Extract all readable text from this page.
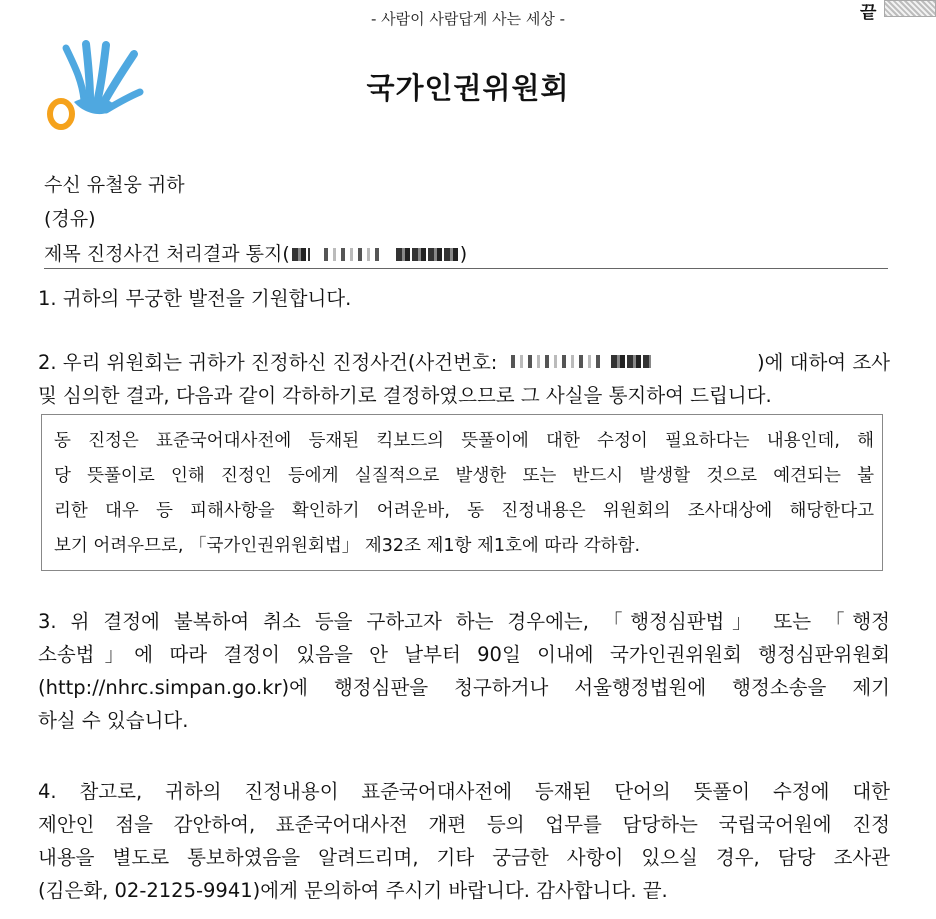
- 사람이 사람답게 사는 세상 -	끝
국가인권위원회
수신 유철웅 귀하
(경유)
제목 진정사건 처리결과 통지(	)
1. 귀하의 무궁한 발전을 기원합니다.
2. 우리 위원회는 귀하가 진정하신 진정사건(사건번호:	)에 대하여 조사
및 심의한 결과, 다음과 같이 각하하기로 결정하였으므로 그 사실을 통지하여 드립니다.
동 진정은 표준국어대사전에 등재된 킥보드의 뜻풀이에 대한 수정이 필요하다는 내용인데, 해
당 뜻풀이로 인해 진정인 등에게 실질적으로 발생한 또는 반드시 발생할 것으로 예견되는 불
리한 대우 등 피해사항을 확인하기 어려운바, 동 진정내용은 위원회의 조사대상에 해당한다고
보기 어려우므로, 「국가인권위원회법」 제32조 제1항 제1호에 따라 각하함.
3. 위 결정에 불복하여 취소 등을 구하고자 하는 경우에는, 「행정심판법」 또는 「행정
소송법」에 따라 결정이 있음을 안 날부터 90일 이내에 국가인권위원회 행정심판위원회
(http://nhrc.simpan.go.kr)에 행정심판을 청구하거나 서울행정법원에 행정소송을 제기
하실 수 있습니다.
4. 참고로, 귀하의 진정내용이 표준국어대사전에 등재된 단어의 뜻풀이 수정에 대한
제안인 점을 감안하여, 표준국어대사전 개편 등의 업무를 담당하는 국립국어원에 진정
내용을 별도로 통보하였음을 알려드리며, 기타 궁금한 사항이 있으실 경우, 담당 조사관
(김은화, 02-2125-9941)에게 문의하여 주시기 바랍니다. 감사합니다. 끝.
